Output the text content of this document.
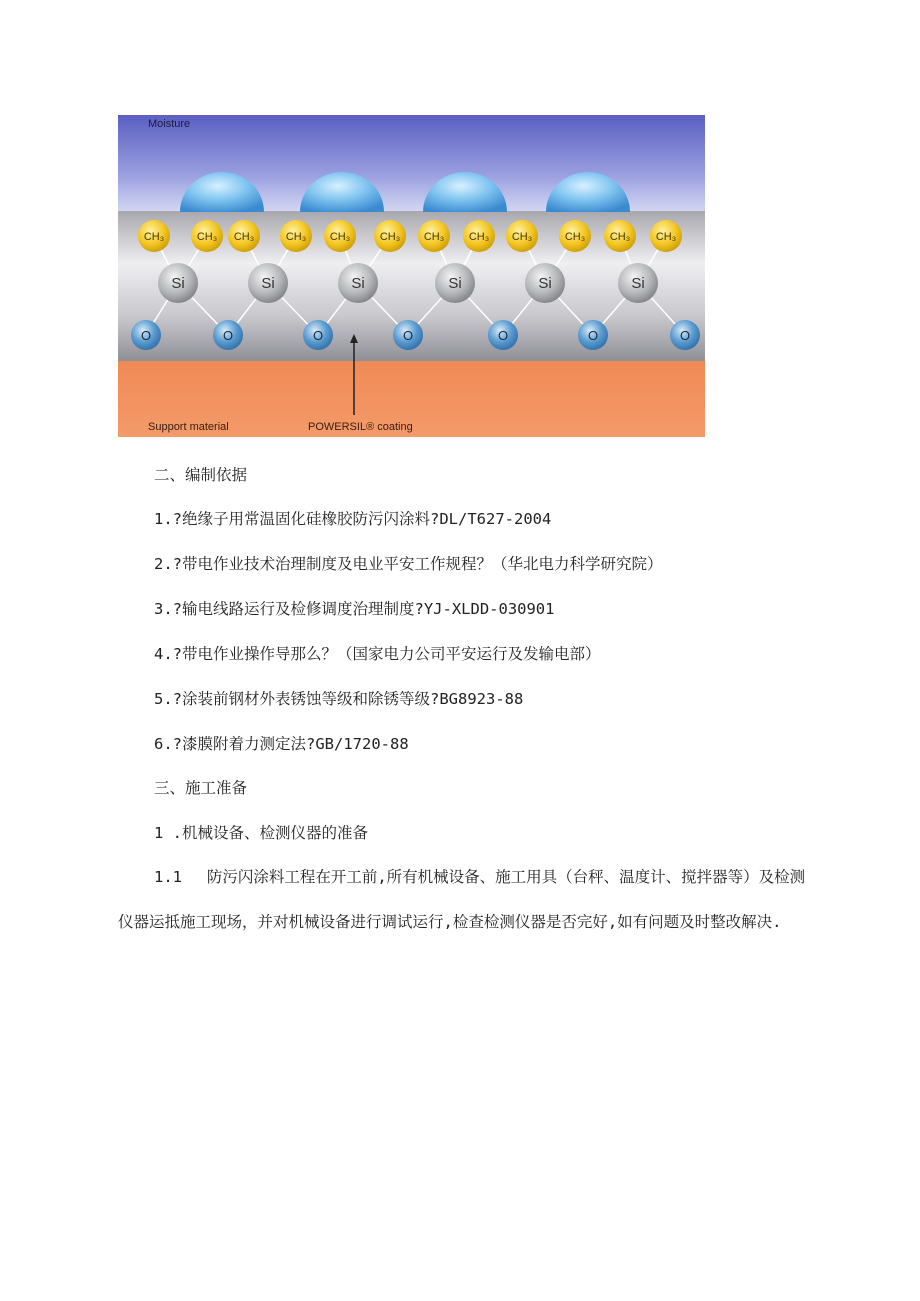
CH₃	CH₃ CH₃	CH₃ CH₃	CH₃ CH₃ CH₃ CH₃	CH₃ CH₃ CH₃
Si	Si	Si	Si	Si	Si
O	O	O	O	O	O	O
Moisture
Support material	POWERSIL® coating
二、编制依据
1.?绝缘子用常温固化硅橡胶防污闪涂料?DL/T627-2004
2.?带电作业技术治理制度及电业平安工作规程？（华北电力科学研究院）
3.?输电线路运行及检修调度治理制度?YJ-XLDD-030901
4.?带电作业操作导那么？（国家电力公司平安运行及发输电部）
5.?涂装前钢材外表锈蚀等级和除锈等级?BG8923-88
6.?漆膜附着力测定法?GB/1720-88
三、施工准备
1 .机械设备、检测仪器的准备
1.1　 防污闪涂料工程在开工前,所有机械设备、施工用具（台秤、温度计、搅拌器等）及检测仪器运抵施工现场，并对机械设备进行调试运行,检查检测仪器是否完好,如有问题及时整改解决.
